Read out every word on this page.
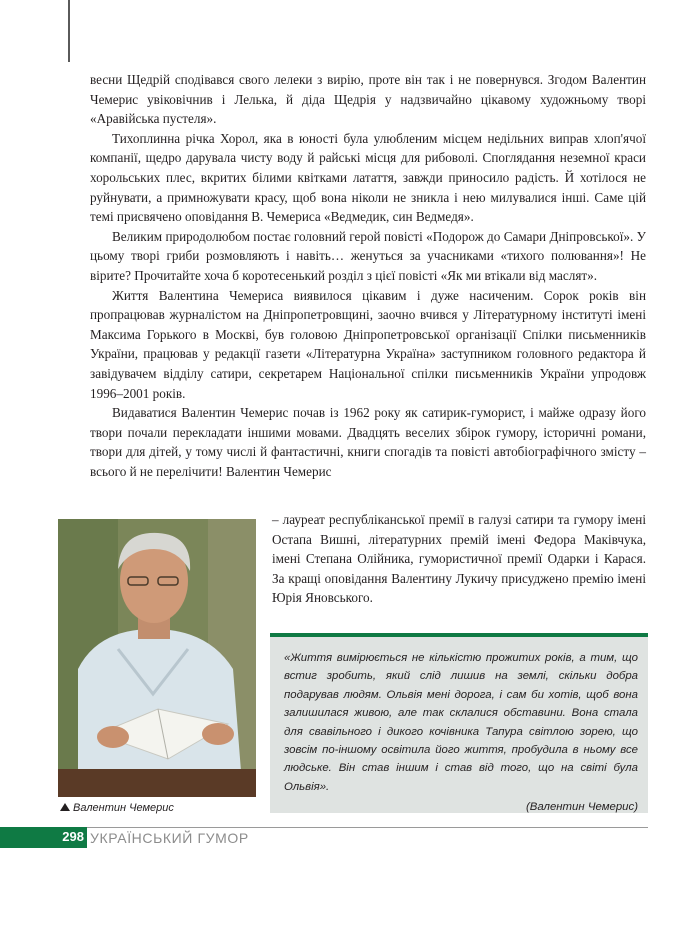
весни Щедрій сподівався свого лелеки з вирію, проте він так і не повернувся. Згодом Валентин Чемерис увіковічнив і Лелька, й діда Щедрія у надзвичайно цікавому художньому творі «Аравійська пустеля».

Тихоплинна річка Хорол, яка в юності була улюбленим місцем недільних виправ хлоп'ячої компанії, щедро дарувала чисту воду й райські місця для рибоволі. Споглядання неземної краси хорольських плес, вкритих білими квітками латаття, завжди приносило радість. Й хотілося не руйнувати, а примножувати красу, щоб вона ніколи не зникла і нею милувалися інші. Саме цій темі присвячено оповідання В. Чемериса «Ведмедик, син Ведмедя».

Великим природолюбом постає головний герой повісті «Подорож до Самари Дніпровської». У цьому творі гриби розмовляють і навіть… женуться за учасниками «тихого полювання»! Не вірите? Прочитайте хоча б коротесенький розділ з цієї повісті «Як ми втікали від маслят».

Життя Валентина Чемериса виявилося цікавим і дуже насиченим. Сорок років він пропрацював журналістом на Дніпропетровщині, заочно вчився у Літературному інституті імені Максима Горького в Москві, був головою Дніпропетровської організації Спілки письменників України, працював у редакції газети «Літературна Україна» заступником головного редактора й завідувачем відділу сатири, секретарем Національної спілки письменників України упродовж 1996–2001 років.

Видаватися Валентин Чемерис почав із 1962 року як сатирик-гуморист, і майже одразу його твори почали перекладати іншими мовами. Двадцять веселих збірок гумору, історичні романи, твори для дітей, у тому числі й фантастичні, книги спогадів та повісті автобіографічного змісту – всього й не перелічити! Валентин Чемерис

– лауреат республіканської премії в галузі сатири та гумору імені Остапа Вишні, літературних премій імені Федора Маківчука, імені Степана Олійника, гумористичної премії Одарки і Карася. За кращі оповідання Валентину Лукичу присуджено премію імені Юрія Яновського.

Валентин Чемерис
«Життя вимірюється не кількістю прожитих років, а тим, що встиг зробить, який слід лишив на землі, скільки добра подарував людям. Ольвія мені дорога, і сам би хотів, щоб вона залишилася живою, але так склалися обставини. Вона стала для свавільного і дикого кочівника Тапура світлою зорею, що зовсім по-іншому освітила його життя, пробудила в ньому все людське. Він став іншим і став від того, що на світі була Ольвія».
(Валентин Чемерис)
298 УКРАЇНСЬКИЙ ГУМОР
